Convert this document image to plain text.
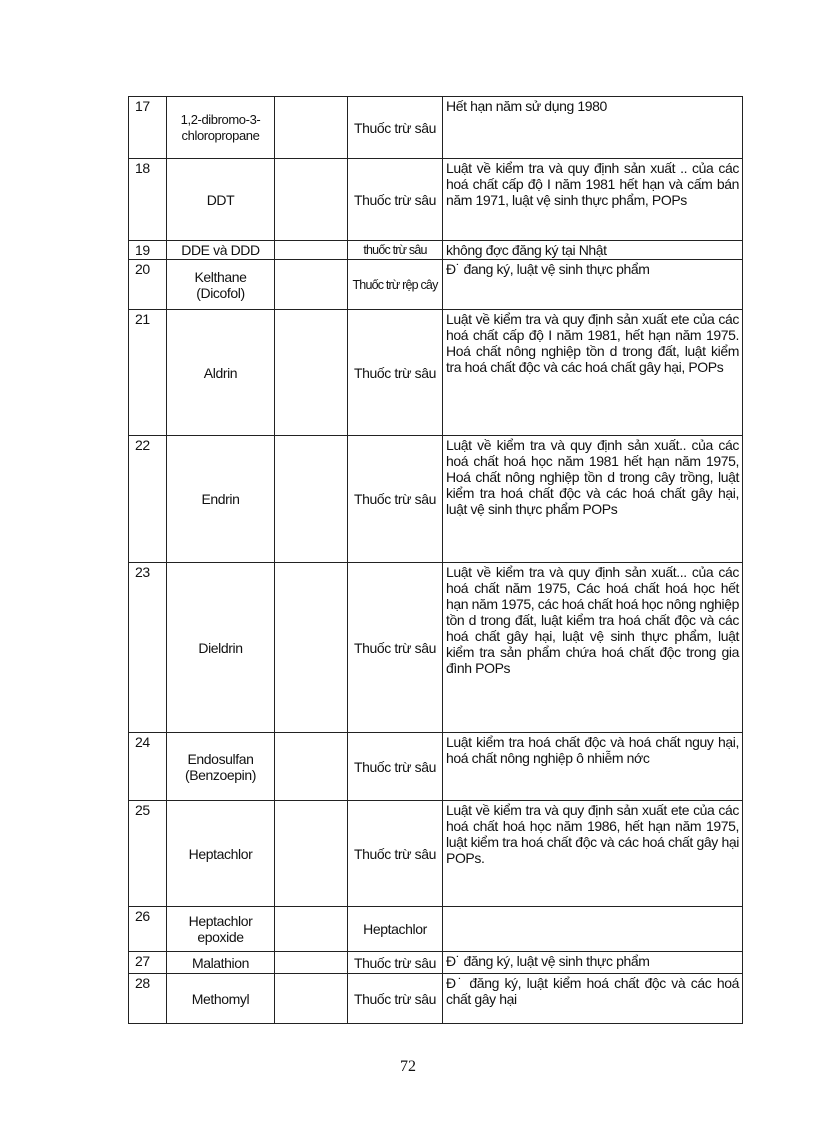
17	1,2-dibromo-3-chloropropane		Thuốc trừ sâu	Hết hạn năm sử dụng 1980
18	DDT		Thuốc trừ sâu	Luật về kiểm tra và quy định sản xuất .. của các hoá chất cấp độ I năm 1981 hết hạn và cấm bán năm 1971, luật vệ sinh thực phẩm, POPs
19	DDE và DDD		thuốc trừ sâu	không đợc đăng ký tại Nhật
20	Kelthane (Dicofol)		Thuốc trừ rệp cây	Đ˙ đang ký, luật vệ sinh thực phẩm
21	Aldrin		Thuốc trừ sâu	Luật về kiểm tra và quy định sản xuất ete của các hoá chất cấp độ I năm 1981, hết hạn năm 1975. Hoá chất nông nghiệp tồn d trong đất, luật kiểm tra hoá chất độc và các hoá chất gây hại, POPs
22	Endrin		Thuốc trừ sâu	Luật về kiểm tra và quy định sản xuất.. của các hoá chất hoá học năm 1981 hết hạn năm 1975, Hoá chất nông nghiệp tồn d trong cây trồng, luật kiểm tra hoá chất độc và các hoá chất gây hại, luật vệ sinh thực phẩm POPs
23	Dieldrin		Thuốc trừ sâu	Luật về kiểm tra và quy định sản xuất... của các hoá chất năm 1975, Các hoá chất hoá học hết hạn năm 1975, các hoá chất hoá học nông nghiệp tồn d trong đất, luật kiểm tra hoá chất độc và các hoá chất gây hại, luật vệ sinh thực phẩm, luật kiểm tra sản phẩm chứa hoá chất độc trong gia đình POPs
24	Endosulfan (Benzoepin)		Thuốc trừ sâu	Luật kiểm tra hoá chất độc và hoá chất nguy hại, hoá chất nông nghiệp ô nhiễm nớc
25	Heptachlor		Thuốc trừ sâu	Luật về kiểm tra và quy định sản xuất ete của các hoá chất hoá học năm 1986, hết hạn năm 1975, luật kiểm tra hoá chất độc và các hoá chất gây hại POPs.
26	Heptachlor epoxide		Heptachlor	
27	Malathion		Thuốc trừ sâu	Đ˙ đăng ký, luật vệ sinh thực phẩm
28	Methomyl		Thuốc trừ sâu	Đ˙ đăng ký, luật kiểm hoá chất độc và các hoá chất gây hại
72
